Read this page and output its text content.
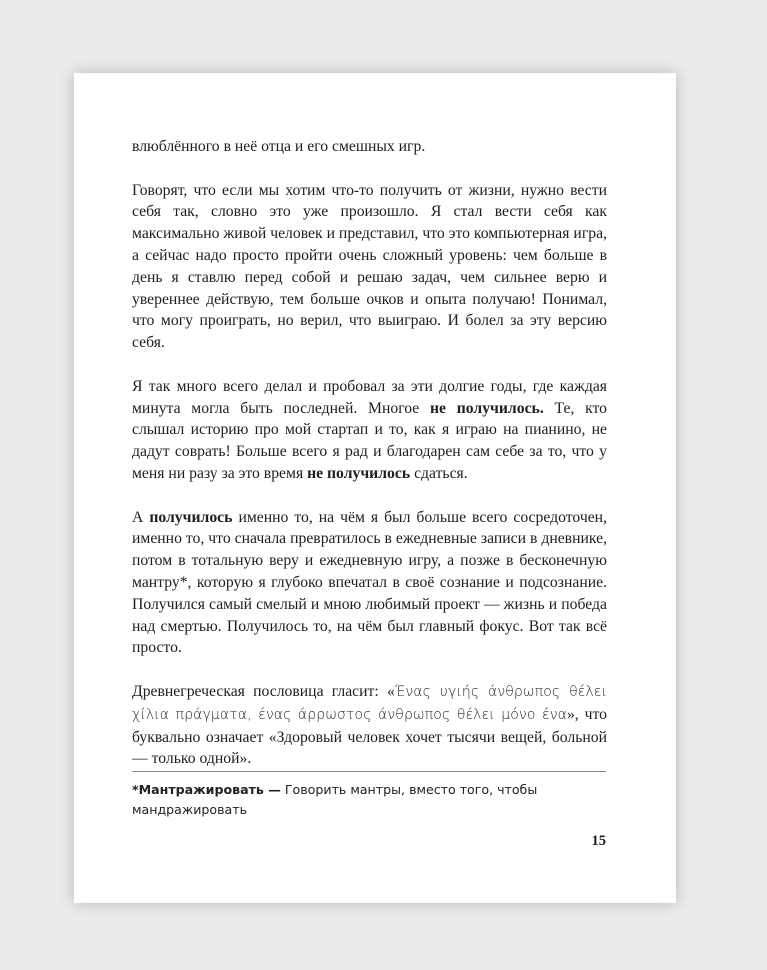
влюблённого в неё отца и его смешных игр.

Говорят, что если мы хотим что-то получить от жизни, нужно вести себя так, словно это уже произошло. Я стал вести себя как максимально живой человек и представил, что это компьютерная игра, а сейчас надо просто пройти очень сложный уровень: чем больше в день я ставлю перед собой и решаю задач, чем сильнее верю и увереннее действую, тем больше очков и опыта получаю! Понимал, что могу проиграть, но верил, что выиграю. И болел за эту версию себя.

Я так много всего делал и пробовал за эти долгие годы, где каждая минута могла быть последней. Многое не получилось. Те, кто слышал историю про мой стартап и то, как я играю на пианино, не дадут соврать! Больше всего я рад и благодарен сам себе за то, что у меня ни разу за это время не получилось сдаться.

А получилось именно то, на чём я был больше всего сосредоточен, именно то, что сначала превратилось в ежедневные записи в дневнике, потом в тотальную веру и ежедневную игру, а позже в бесконечную мантру*, которую я глубоко впечатал в своё сознание и подсознание. Получился самый смелый и мною любимый проект — жизнь и победа над смертью. Получилось то, на чём был главный фокус. Вот так всё просто.

Древнегреческая пословица гласит: «Ένας υγιής άνθρωπος θέλει χίλια πράγματα, ένας άρρωστος άνθρωπος θέλει μόνο ένα», что буквально означает «Здоровый человек хочет тысячи вещей, больной — только одной».

*Мантражировать — Говорить мантры, вместо того, чтобы мандражировать
15
